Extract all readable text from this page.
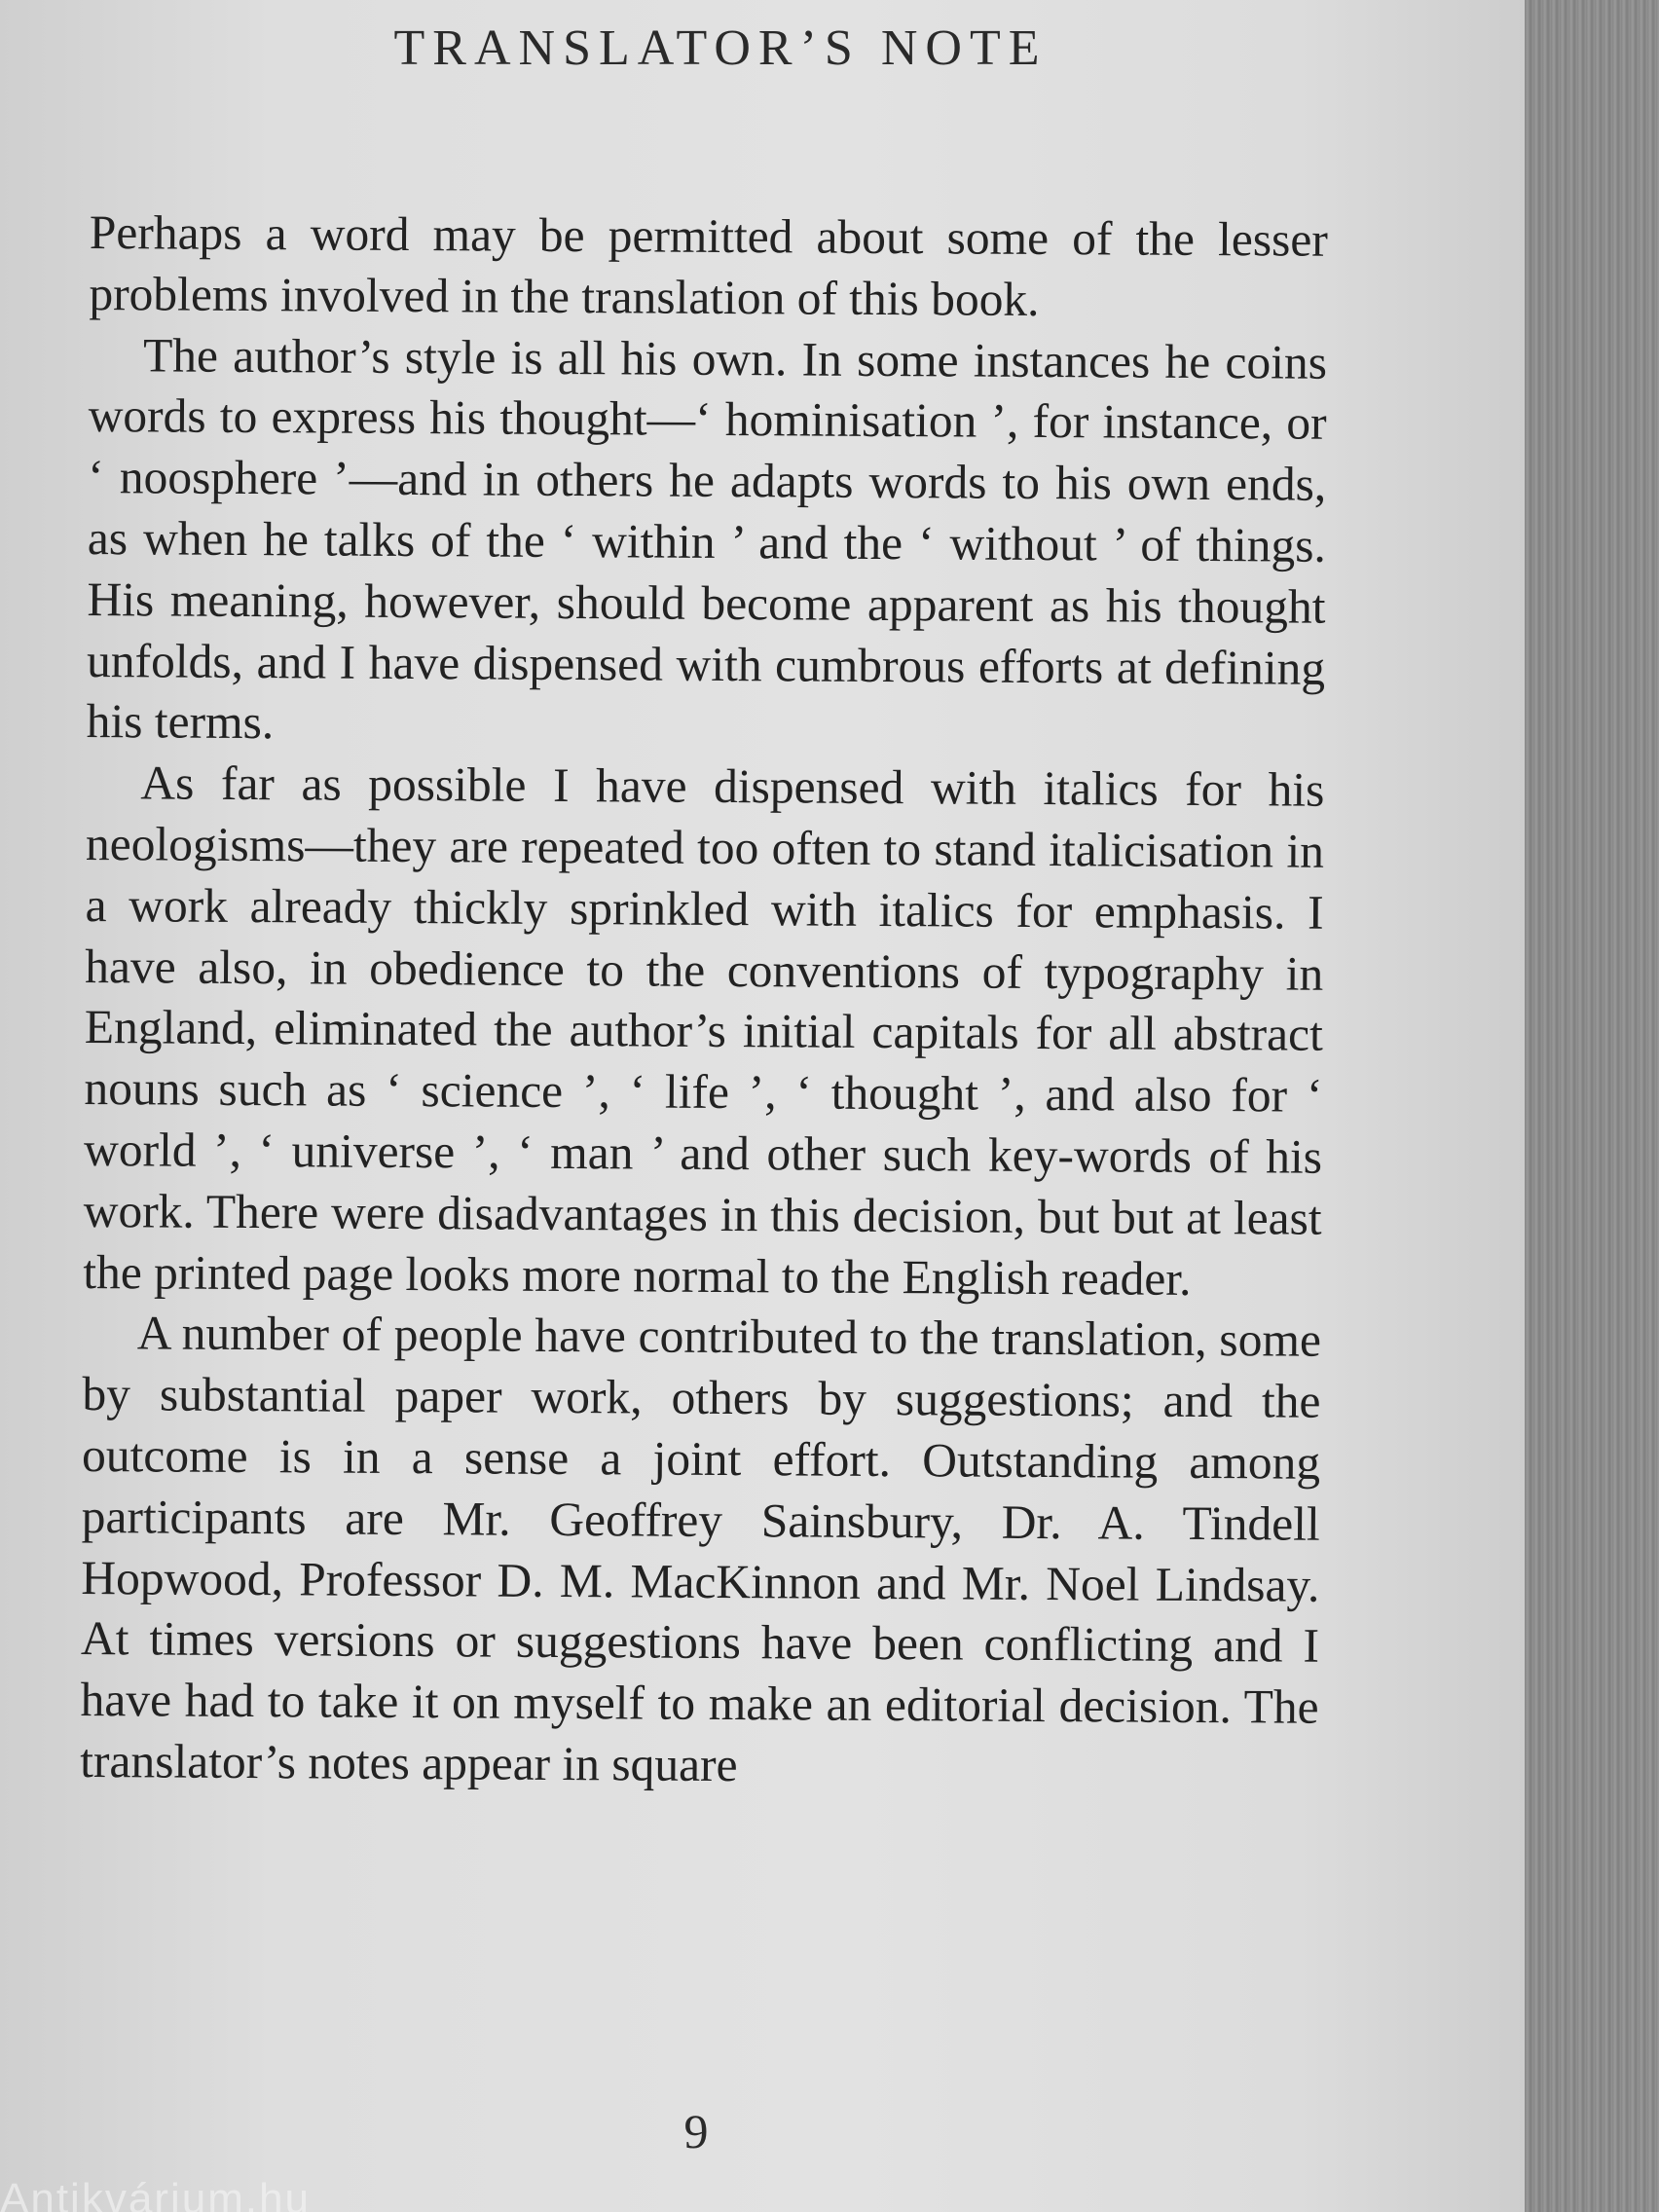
TRANSLATOR’S NOTE

Perhaps a word may be permitted about some of the lesser problems involved in the translation of this book.

The author’s style is all his own. In some instances he coins words to express his thought—‘ hominisation ’, for instance, or ‘ noosphere ’—and in others he adapts words to his own ends, as when he talks of the ‘ within ’ and the ‘ without ’ of things. His meaning, however, should become apparent as his thought unfolds, and I have dispensed with cumbrous efforts at defining his terms.

As far as possible I have dispensed with italics for his neologisms—they are repeated too often to stand italicisation in a work already thickly sprinkled with italics for emphasis. I have also, in obedience to the conventions of typography in England, eliminated the author’s initial capitals for all abstract nouns such as ‘ science ’, ‘ life ’, ‘ thought ’, and also for ‘ world ’, ‘ universe ’, ‘ man ’ and other such key-words of his work. There were disadvantages in this decision, but but at least the printed page looks more normal to the English reader.

A number of people have contributed to the translation, some by substantial paper work, others by suggestions; and the outcome is in a sense a joint effort. Outstanding among participants are Mr. Geoffrey Sainsbury, Dr. A. Tindell Hopwood, Professor D. M. MacKinnon and Mr. Noel Lindsay. At times versions or suggestions have been conflicting and I have had to take it on myself to make an editorial decision. The translator’s notes appear in square

9
Antikvárium.hu
